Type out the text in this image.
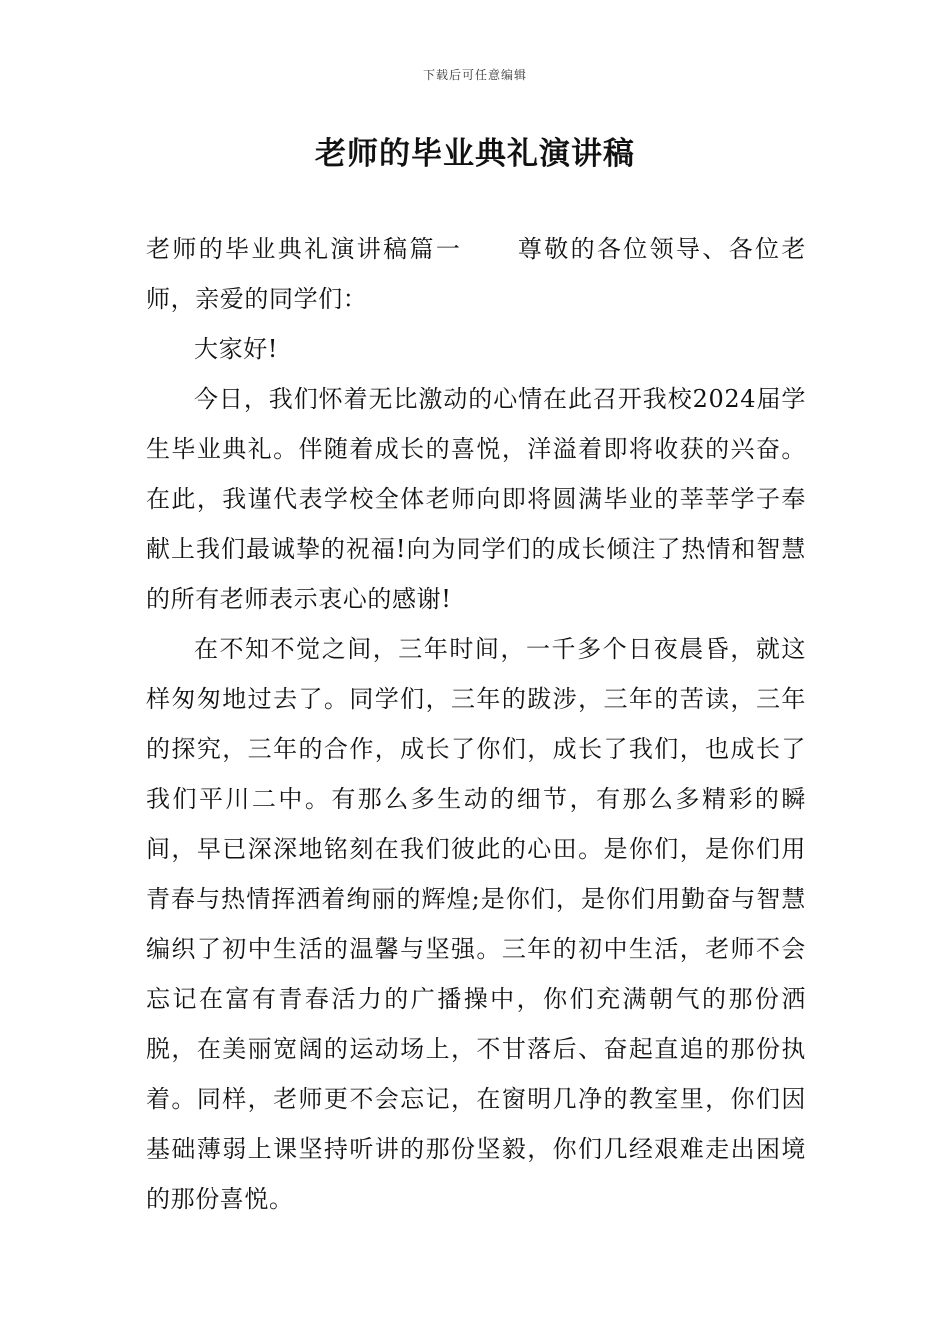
下载后可任意编辑
老师的毕业典礼演讲稿

老师的毕业典礼演讲稿篇一 尊敬的各位领导、各位老师，亲爱的同学们：

大家好!

今日，我们怀着无比激动的心情在此召开我校2024届学生毕业典礼。伴随着成长的喜悦，洋溢着即将收获的兴奋。在此，我谨代表学校全体老师向即将圆满毕业的莘莘学子奉献上我们最诚挚的祝福!向为同学们的成长倾注了热情和智慧的所有老师表示衷心的感谢!

在不知不觉之间，三年时间，一千多个日夜晨昏，就这样匆匆地过去了。同学们，三年的跋涉，三年的苦读，三年的探究，三年的合作，成长了你们，成长了我们，也成长了我们平川二中。有那么多生动的细节，有那么多精彩的瞬间，早已深深地铭刻在我们彼此的心田。是你们，是你们用青春与热情挥洒着绚丽的辉煌;是你们，是你们用勤奋与智慧编织了初中生活的温馨与坚强。三年的初中生活，老师不会忘记在富有青春活力的广播操中，你们充满朝气的那份洒脱，在美丽宽阔的运动场上，不甘落后、奋起直追的那份执着。同样，老师更不会忘记，在窗明几净的教室里，你们因基础薄弱上课坚持听讲的那份坚毅，你们几经艰难走出困境的那份喜悦。
